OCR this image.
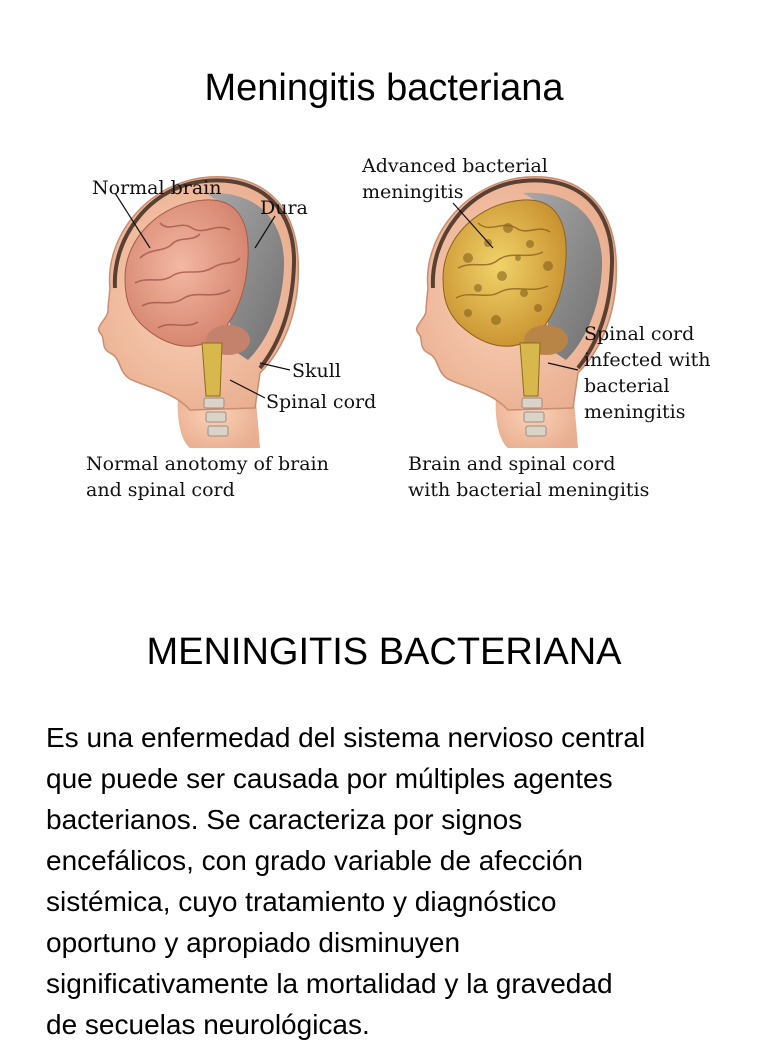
Meningitis bacteriana
Normal brain
Dura
Skull
Spinal cord
Normal anotomy of brain
and spinal cord
Advanced bacterial
meningitis
Spinal cord
infected with
bacterial
meningitis
Brain and spinal cord
with bacterial meningitis
MENINGITIS BACTERIANA
Es una enfermedad del sistema nervioso central
que puede ser causada por múltiples agentes
bacterianos. Se caracteriza por signos
encefálicos, con grado variable de afección
sistémica, cuyo tratamiento y diagnóstico
oportuno y apropiado disminuyen
significativamente la mortalidad y la gravedad
de secuelas neurológicas.
